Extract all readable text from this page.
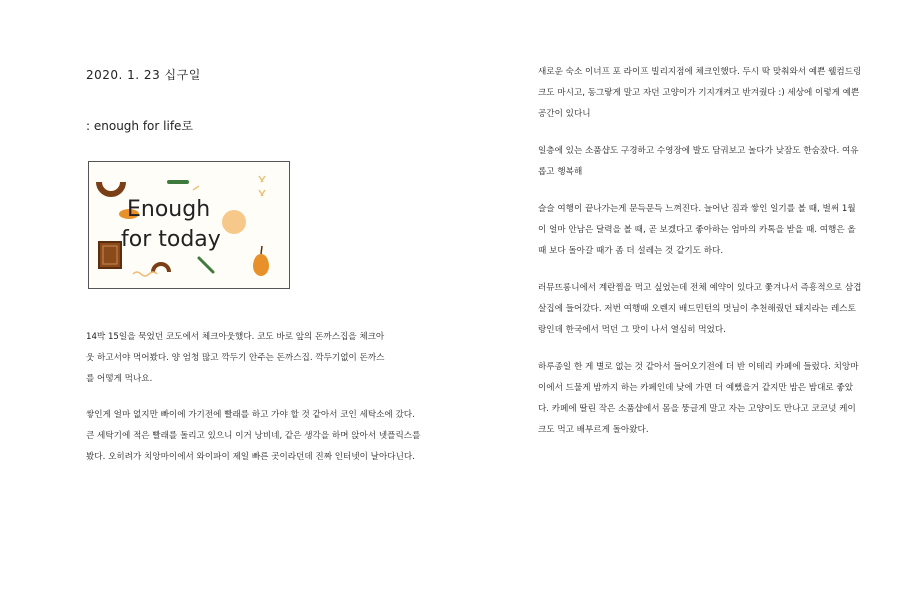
2020. 1. 23 십구일

: enough for life로

Enough
for today

14박 15일을 묵었던 코도에서 체크아웃했다. 코도 바로 앞의 돈까스집을 체크아웃 하고서야 먹어봤다. 양 엄청 많고 깍두기 안주는 돈까스집. 깍두기없이 돈까스를 어떻게 먹나요.

쌓인게 얼마 없지만 빠이에 가기전에 빨래를 하고 가야 할 것 같아서 코인 세탁소에 갔다. 큰 세탁기에 적은 빨래를 돌리고 있으니 이거 낭비네, 같은 생각을 하며 앉아서 넷플릭스를 봤다. 오히려가 치앙마이에서 와이파이 제일 빠른 곳이라던데 진짜 인터넷이 날아다닌다.

새로운 숙소 이너프 포 라이프 빌리지점에 체크인했다. 두시 딱 맞춰와서 예쁜 웰컴드링크도 마시고, 동그랗게 말고 자던 고양이가 기지개켜고 반겨줬다 :) 세상에 이렇게 예쁜 공간이 있다니

일층에 있는 소품샵도 구경하고 수영장에 발도 담궈보고 놀다가 낮잠도 한숨잤다. 여유롭고 행복해

슬슬 여행이 끝나가는게 문득문득 느껴진다. 늘어난 짐과 쌓인 일기를 볼 때, 벌써 1월이 얼마 안남은 달력을 볼 때, 곧 보겠다고 좋아하는 엄마의 카톡을 받을 때. 여행은 올 때 보다 돌아갈 때가 좀 더 설레는 것 같기도 하다.

러뮤뜨롱니에서 계란찜을 먹고 싶었는데 전체 예약이 있다고 쫓겨나서 즉흥적으로 삼겹살집에 들어갔다. 저번 여행때 오렌지 배드민턴의 멋님이 추천해줬던 돼지라는 레스토랑인데 한국에서 먹던 그 맛이 나서 열심히 먹었다.

하루종일 한 게 별로 없는 것 같아서 들어오기전에 더 반 이테리 카페에 들렀다. 치앙마이에서 드물게 밤까지 하는 카페인데 낮에 가면 더 예뻤을거 같지만 밤은 밤대로 좋았다. 카페에 딸린 작은 소품샵에서 몸을 뚱글게 말고 자는 고양이도 만나고 코코넛 케이크도 먹고 배부르게 돌아왔다.
